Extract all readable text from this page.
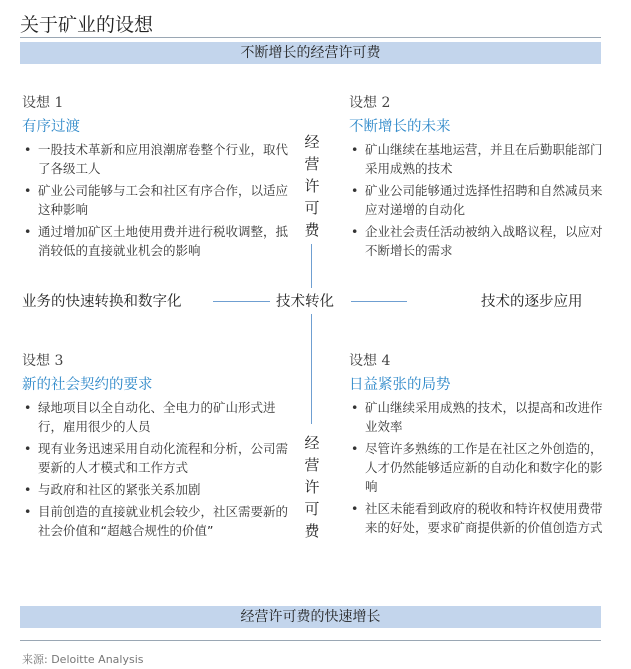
关于矿业的设想
不断增长的经营许可费
设想 1
有序过渡
• 一股技术革新和应用浪潮席卷整个行业，取代了各级工人
• 矿业公司能够与工会和社区有序合作，以适应这种影响
• 通过增加矿区土地使用费并进行税收调整，抵消较低的直接就业机会的影响
设想 2
不断增长的未来
• 矿山继续在基地运营，并且在后勤职能部门采用成熟的技术
• 矿业公司能够通过选择性招聘和自然减员来应对递增的自动化
• 企业社会责任活动被纳入战略议程，以应对不断增长的需求
经
营
许
可
费
业务的快速转换和数字化	技术转化	技术的逐步应用
设想 3
新的社会契约的要求
• 绿地项目以全自动化、全电力的矿山形式进行，雇用很少的人员
• 现有业务迅速采用自动化流程和分析，公司需要新的人才模式和工作方式
• 与政府和社区的紧张关系加剧
• 目前创造的直接就业机会较少，社区需要新的社会价值和“超越合规性的价值”
经
营
许
可
费
设想 4
日益紧张的局势
• 矿山继续采用成熟的技术，以提高和改进作业效率
• 尽管许多熟练的工作是在社区之外创造的，人才仍然能够适应新的自动化和数字化的影响
• 社区未能看到政府的税收和特许权使用费带来的好处，要求矿商提供新的价值创造方式
经营许可费的快速增长
来源: Deloitte Analysis
